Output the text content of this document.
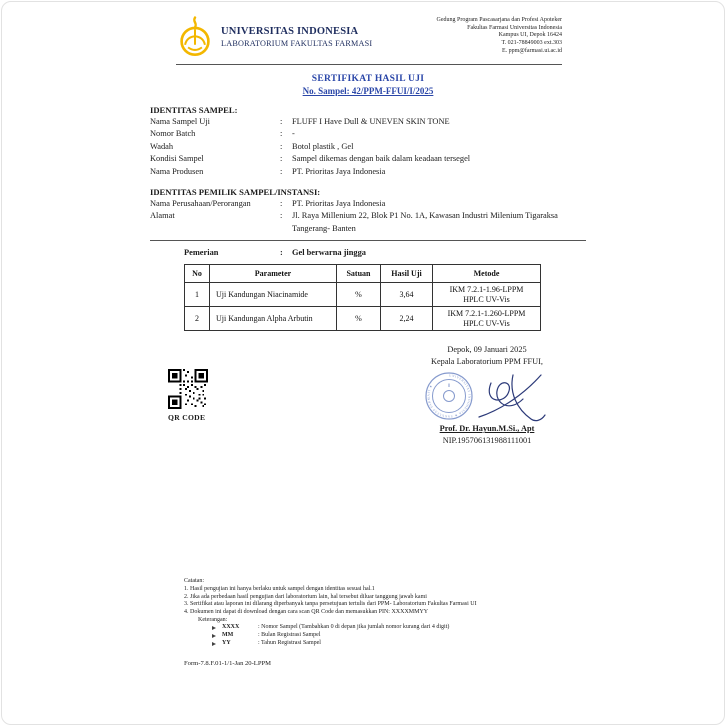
UNIVERSITAS INDONESIA
LABORATORIUM FAKULTAS FARMASI
Gedung Program Pascasarjana dan Profesi Apoteker
Fakultas Farmasi Universitas Indonesia
Kampus UI, Depok 16424
T. 021-78849003 ext.303
E. ppm@farmasi.ui.ac.id
SERTIFIKAT HASIL UJI
No. Sampel: 42/PPM-FFUI/I/2025
IDENTITAS SAMPEL:
Nama Sampel Uji	:	FLUFF I Have Dull & UNEVEN SKIN TONE
Nomor Batch	:	-
Wadah	:	Botol plastik , Gel
Kondisi Sampel	:	Sampel dikemas dengan baik dalam keadaan tersegel
Nama Produsen	:	PT. Prioritas Jaya Indonesia
IDENTITAS PEMILIK SAMPEL/INSTANSI:
Nama Perusahaan/Perorangan	:	PT. Prioritas Jaya Indonesia
Alamat	:	Jl. Raya Millenium 22, Blok P1 No. 1A, Kawasan Industri Milenium Tigaraksa Tangerang- Banten
Pemerian	:	Gel berwarna jingga
No	Parameter	Satuan	Hasil Uji	Metode
1	Uji Kandungan Niacinamide	%	3,64	IKM 7.2.1-1.96-LPPM
HPLC UV-Vis

2	Uji Kandungan Alpha Arbutin	%	2,24	IKM 7.2.1-1.260-LPPM
HPLC UV-Vis
QR CODE
Depok, 09 Januari 2025
Kepala Laboratorium PPM FFUI,
UNIVERSITAS INDONESIA ★ FAKULTAS FARMASI ★
Prof. Dr. Hayun.M.Si., Apt
NIP.195706131988111001
Catatan:
1. Hasil pengujian ini hanya berlaku untuk sampel dengan identitas sesuai hal.1
2. Jika ada perbedaan hasil pengujian dari laboratorium lain, hal tersebut diluar tanggung jawab kami
3. Sertifikat atau laporan ini dilarang diperbanyak tanpa persetujuan tertulis dari PPM- Laboratorium Fakultas Farmasi UI
4. Dokumen ini dapat di download dengan cara scan QR Code dan memasukkan PIN: XXXXMMYY
Keterangan:
XXXX	: Nomor Sampel (Tambahkan 0 di depan jika jumlah nomor kurang dari 4 digit)
MM	: Bulan Registrasi Sampel
YY	: Tahun Registrasi Sampel
Form-7.8.F.01-1/1-Jan 20-LPPM
